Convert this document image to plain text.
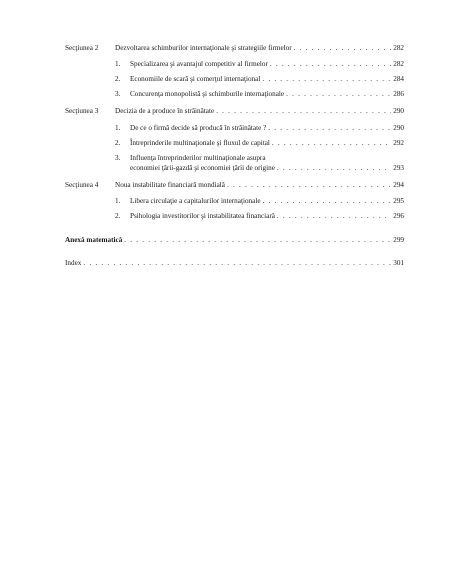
Secţiunea 2 Dezvoltarea schimburilor internaţionale şi strategiile firmelor . . .	282
1. Specializarea şi avantajul competitiv al firmelor . . .	282
2. Economiile de scară şi comerţul internaţional . . .	284
3. Concurenţa monopolistă şi schimburile internaţionale . . .	286
Secţiunea 3 Decizia de a produce în străinătate . . .	290
1. De ce o firmă decide să producă în străinătate ? . . .	290
2. Întreprinderile multinaţionale şi fluxul de capital . . .	292
3. Influenţa întreprinderilor multinaţionale asupra
economiei ţării-gazdă şi economiei ţării de origine . . .	293
Secţiunea 4 Noua instabilitate financiară mondială . . .	294
1. Libera circulaţie a capitalurilor internaţionale . . .	295
2. Psihologia investitorilor şi instabilitatea financiară . . .	296
Anexă matematică . . .	299
Index . . .	301
